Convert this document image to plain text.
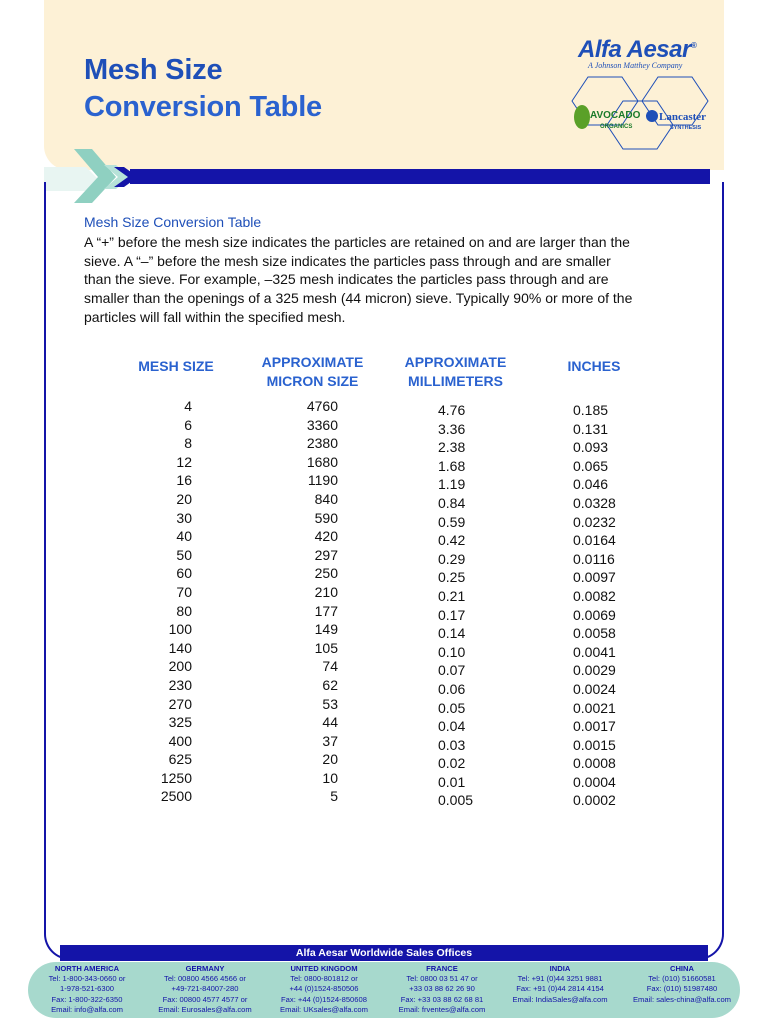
Mesh Size
Conversion Table
Alfa Aesar®
A Johnson Matthey Company
AVOCADO
ORGANICS
Lancaster
SYNTHESIS
Mesh Size Conversion Table
A “+” before the mesh size indicates the particles are retained on and are larger than the
sieve. A “–” before the mesh size indicates the particles pass through and are smaller
than the sieve. For example, –325 mesh indicates the particles pass through and are
smaller than the openings of a 325 mesh (44 micron) sieve. Typically 90% or more of the
particles will fall within the specified mesh.
MESH SIZE	APPROXIMATE
MICRON SIZE
APPROXIMATE
MILLIMETERS
INCHES
4
6
8
12
16
20
30
40
50
60
70
80
100
140
200
230
270
325
400
625
1250
2500
4760
3360
2380
1680
1190
840
590
420
297
250
210
177
149
105
74
62
53
44
37
20
10
5
4.76
3.36
2.38
1.68
1.19
0.84
0.59
0.42
0.29
0.25
0.21
0.17
0.14
0.10
0.07
0.06
0.05
0.04
0.03
0.02
0.01
0.005
0.185
0.131
0.093
0.065
0.046
0.0328
0.0232
0.0164
0.0116
0.0097
0.0082
0.0069
0.0058
0.0041
0.0029
0.0024
0.0021
0.0017
0.0015
0.0008
0.0004
0.0002
Alfa Aesar Worldwide Sales Offices
NORTH AMERICA
Tel: 1-800-343-0660 or
1-978-521-6300
Fax: 1-800-322-6350
Email: info@alfa.com
GERMANY
Tel: 00800 4566 4566 or
+49-721-84007-280
Fax: 00800 4577 4577 or
Email: Eurosales@alfa.com
UNITED KINGDOM
Tel: 0800-801812 or
+44 (0)1524-850506
Fax: +44 (0)1524-850608
Email: UKsales@alfa.com
FRANCE
Tel: 0800 03 51 47 or
+33 03 88 62 26 90
Fax: +33 03 88 62 68 81
Email: frventes@alfa.com
INDIA
Tel: +91 (0)44 3251 9881
Fax: +91 (0)44 2814 4154
Email: IndiaSales@alfa.com
CHINA
Tel: (010) 51660581
Fax: (010) 51987480
Email: sales-china@alfa.com
